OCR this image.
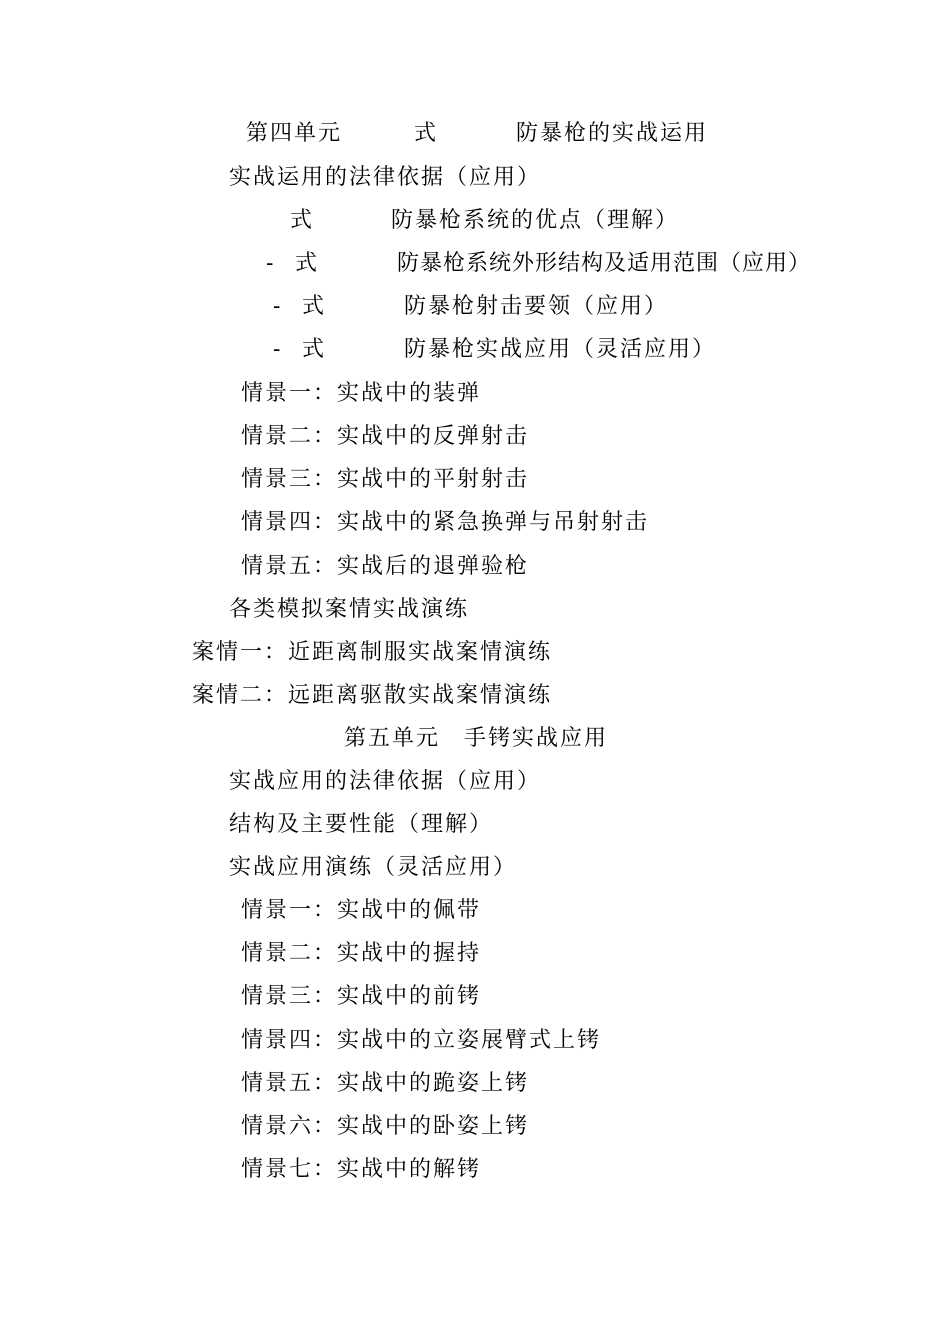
第四单元

	式

	防暴枪的实战运用

实战运用的法律依据（应用）

式

	防暴枪系统的优点（理解）

-

式

	防暴枪系统外形结构及适用范围（应用）

-

式

	防暴枪射击要领（应用）

-

式

	防暴枪实战应用（灵活应用）

情景一：实战中的装弹
情景二：实战中的反弹射击
情景三：实战中的平射射击
情景四：实战中的紧急换弹与吊射射击
情景五：实战后的退弹验枪
各类模拟案情实战演练
案情一：近距离制服实战案情演练
案情二：远距离驱散实战案情演练
第五单元　手铐实战应用
实战应用的法律依据（应用）
结构及主要性能（理解）
实战应用演练（灵活应用）
情景一：实战中的佩带
情景二：实战中的握持
情景三：实战中的前铐
情景四：实战中的立姿展臂式上铐
情景五：实战中的跪姿上铐
情景六：实战中的卧姿上铐
情景七：实战中的解铐
